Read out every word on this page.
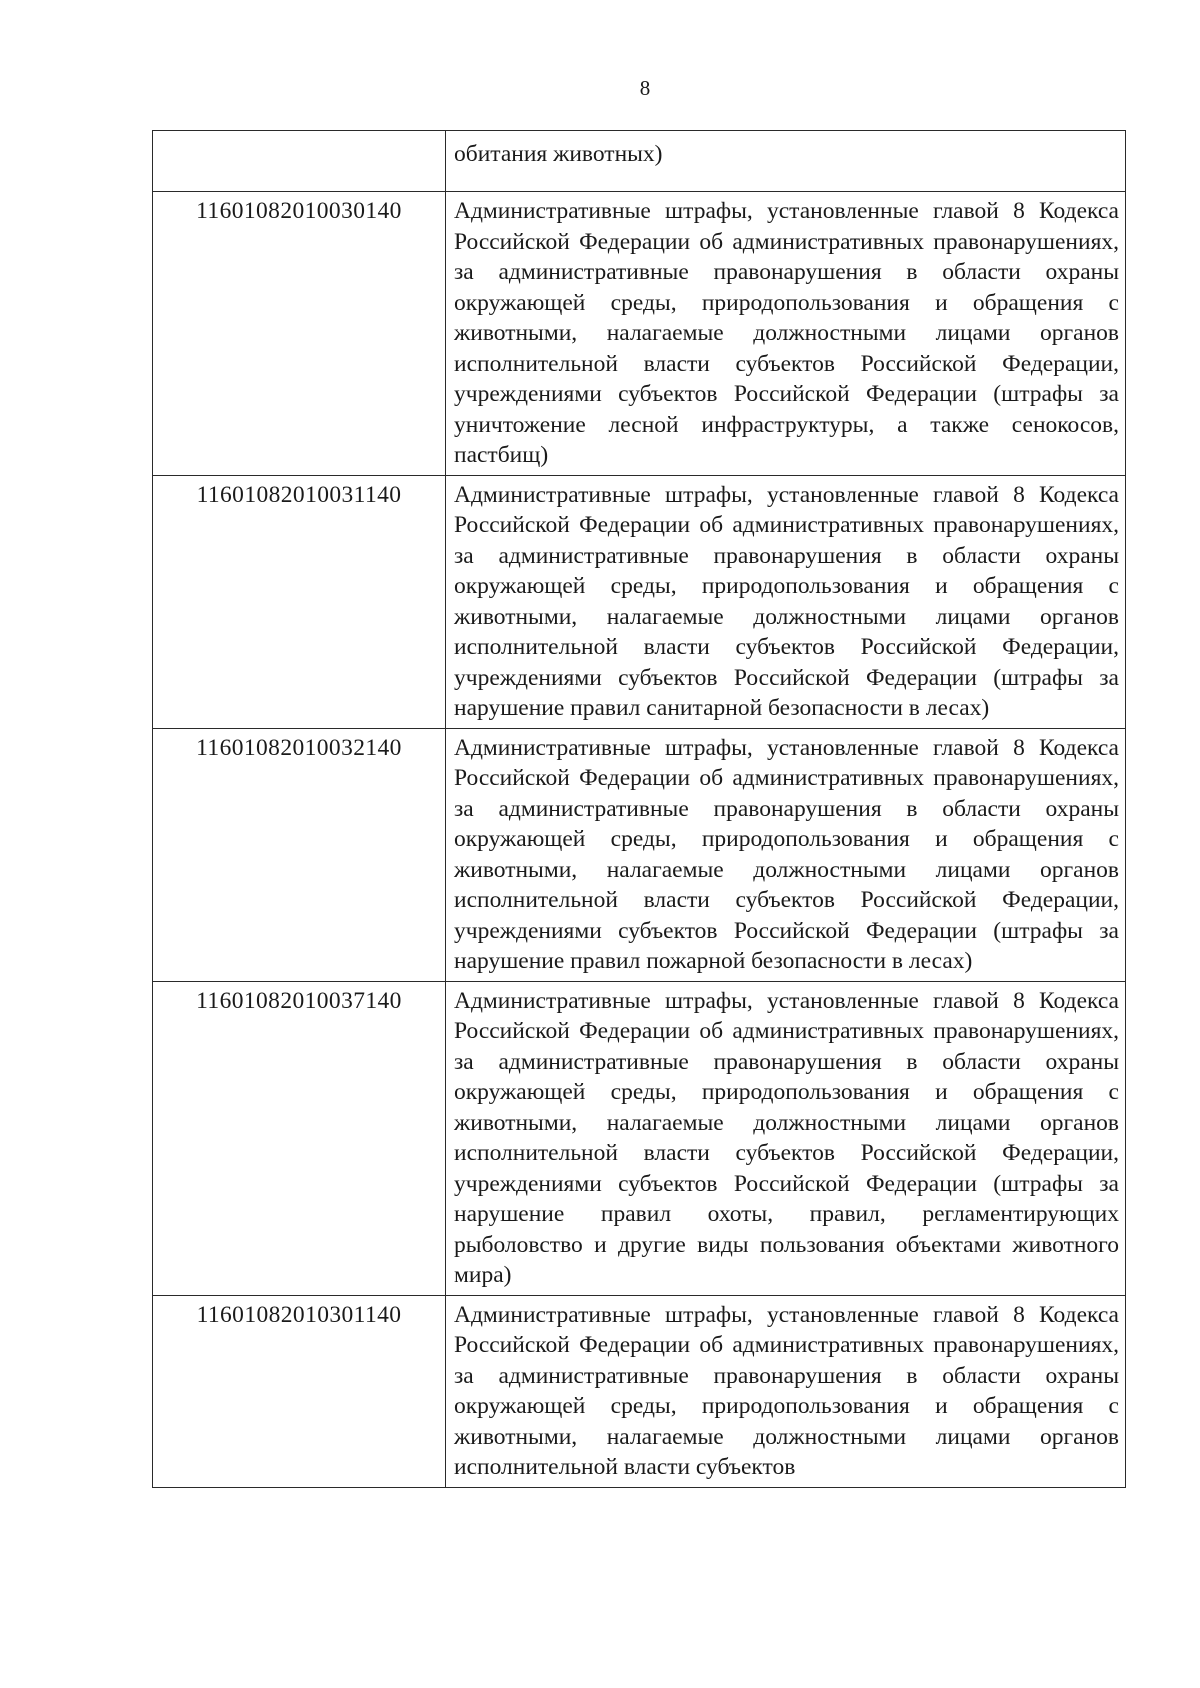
8
	обитания животных)
11601082010030140	Административные штрафы, установленные главой 8 Кодекса Российской Федерации об административных правонарушениях, за административные правонарушения в области охраны окружающей среды, природопользования и обращения с животными, налагаемые должностными лицами органов исполнительной власти субъектов Российской Федерации, учреждениями субъектов Российской Федерации (штрафы за уничтожение лесной инфраструктуры, а также сенокосов, пастбищ)
11601082010031140	Административные штрафы, установленные главой 8 Кодекса Российской Федерации об административных правонарушениях, за административные правонарушения в области охраны окружающей среды, природопользования и обращения с животными, налагаемые должностными лицами органов исполнительной власти субъектов Российской Федерации, учреждениями субъектов Российской Федерации (штрафы за нарушение правил санитарной безопасности в лесах)
11601082010032140	Административные штрафы, установленные главой 8 Кодекса Российской Федерации об административных правонарушениях, за административные правонарушения в области охраны окружающей среды, природопользования и обращения с животными, налагаемые должностными лицами органов исполнительной власти субъектов Российской Федерации, учреждениями субъектов Российской Федерации (штрафы за нарушение правил пожарной безопасности в лесах)
11601082010037140	Административные штрафы, установленные главой 8 Кодекса Российской Федерации об административных правонарушениях, за административные правонарушения в области охраны окружающей среды, природопользования и обращения с животными, налагаемые должностными лицами органов исполнительной власти субъектов Российской Федерации, учреждениями субъектов Российской Федерации (штрафы за нарушение правил охоты, правил, регламентирующих рыболовство и другие виды пользования объектами животного мира)
11601082010301140	Административные штрафы, установленные главой 8 Кодекса Российской Федерации об административных правонарушениях, за административные правонарушения в области охраны окружающей среды, природопользования и обращения с животными, налагаемые должностными лицами органов исполнительной власти субъектов
